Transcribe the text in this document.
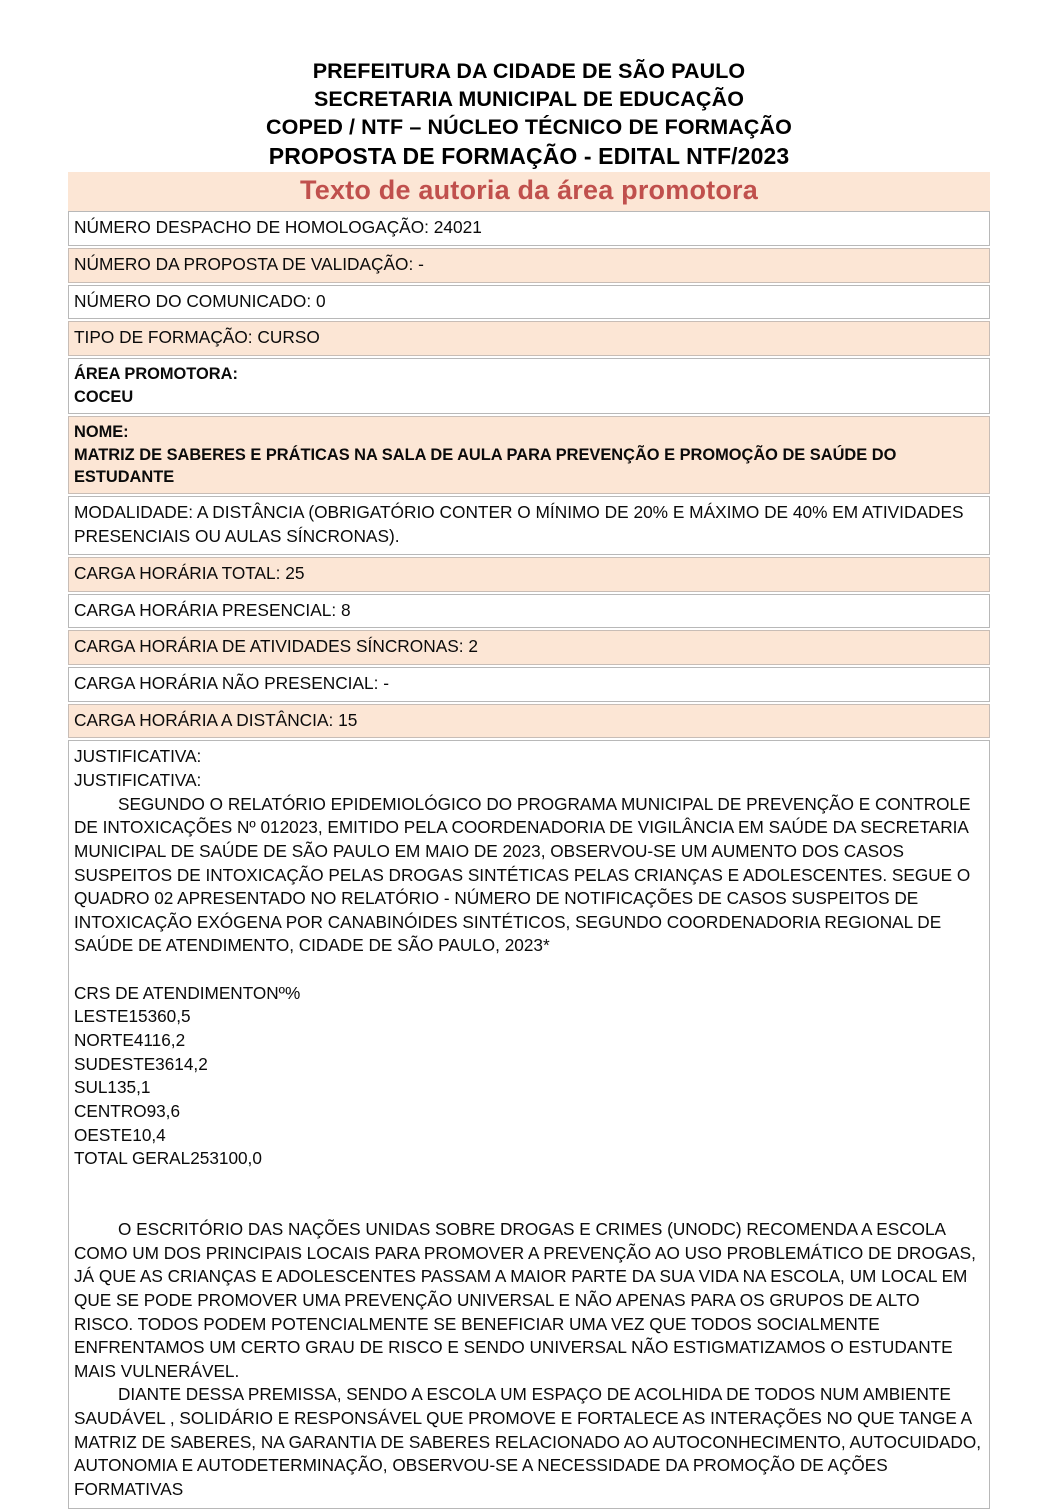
PREFEITURA DA CIDADE DE SÃO PAULO
SECRETARIA MUNICIPAL DE EDUCAÇÃO
COPED / NTF – NÚCLEO TÉCNICO DE FORMAÇÃO
PROPOSTA DE FORMAÇÃO - EDITAL NTF/2023
Texto de autoria da área promotora
NÚMERO DESPACHO DE HOMOLOGAÇÃO: 24021
NÚMERO DA PROPOSTA DE VALIDAÇÃO: -
NÚMERO DO COMUNICADO: 0
TIPO DE FORMAÇÃO: CURSO
ÁREA PROMOTORA:
COCEU
NOME:
MATRIZ DE SABERES E PRÁTICAS NA SALA DE AULA PARA PREVENÇÃO E PROMOÇÃO DE SAÚDE DO ESTUDANTE
MODALIDADE: A DISTÂNCIA (OBRIGATÓRIO CONTER O MÍNIMO DE 20% E MÁXIMO DE 40% EM ATIVIDADES PRESENCIAIS OU AULAS SÍNCRONAS).
CARGA HORÁRIA TOTAL: 25
CARGA HORÁRIA PRESENCIAL: 8
CARGA HORÁRIA DE ATIVIDADES SÍNCRONAS: 2
CARGA HORÁRIA NÃO PRESENCIAL: -
CARGA HORÁRIA A DISTÂNCIA: 15

JUSTIFICATIVA:

JUSTIFICATIVA:

SEGUNDO O RELATÓRIO EPIDEMIOLÓGICO DO PROGRAMA MUNICIPAL DE PREVENÇÃO E CONTROLE DE INTOXICAÇÕES Nº 012023, EMITIDO PELA COORDENADORIA DE VIGILÂNCIA EM SAÚDE DA SECRETARIA MUNICIPAL DE SAÚDE DE SÃO PAULO EM MAIO DE 2023, OBSERVOU-SE UM AUMENTO DOS CASOS SUSPEITOS DE INTOXICAÇÃO PELAS DROGAS SINTÉTICAS PELAS CRIANÇAS E ADOLESCENTES. SEGUE O QUADRO 02 APRESENTADO NO RELATÓRIO - NÚMERO DE NOTIFICAÇÕES DE CASOS SUSPEITOS DE INTOXICAÇÃO EXÓGENA POR CANABINÓIDES SINTÉTICOS, SEGUNDO COORDENADORIA REGIONAL DE SAÚDE DE ATENDIMENTO, CIDADE DE SÃO PAULO, 2023*

CRS DE ATENDIMENTONº%
LESTE15360,5
NORTE4116,2
SUDESTE3614,2
SUL135,1
CENTRO93,6
OESTE10,4
TOTAL GERAL253100,0

O ESCRITÓRIO DAS NAÇÕES UNIDAS SOBRE DROGAS E CRIMES (UNODC) RECOMENDA A ESCOLA COMO UM DOS PRINCIPAIS LOCAIS PARA PROMOVER A PREVENÇÃO AO USO PROBLEMÁTICO DE DROGAS, JÁ QUE AS CRIANÇAS E ADOLESCENTES PASSAM A MAIOR PARTE DA SUA VIDA NA ESCOLA, UM LOCAL EM QUE SE PODE PROMOVER UMA PREVENÇÃO UNIVERSAL E NÃO APENAS PARA OS GRUPOS DE ALTO RISCO. TODOS PODEM POTENCIALMENTE SE BENEFICIAR UMA VEZ QUE TODOS SOCIALMENTE ENFRENTAMOS UM CERTO GRAU DE RISCO E SENDO UNIVERSAL NÃO ESTIGMATIZAMOS O ESTUDANTE MAIS VULNERÁVEL.

DIANTE DESSA PREMISSA, SENDO A ESCOLA UM ESPAÇO DE ACOLHIDA DE TODOS NUM AMBIENTE SAUDÁVEL , SOLIDÁRIO E RESPONSÁVEL QUE PROMOVE E FORTALECE AS INTERAÇÕES NO QUE TANGE A MATRIZ DE SABERES, NA GARANTIA DE SABERES RELACIONADO AO AUTOCONHECIMENTO, AUTOCUIDADO, AUTONOMIA E AUTODETERMINAÇÃO, OBSERVOU-SE A NECESSIDADE DA PROMOÇÃO DE AÇÕES FORMATIVAS
